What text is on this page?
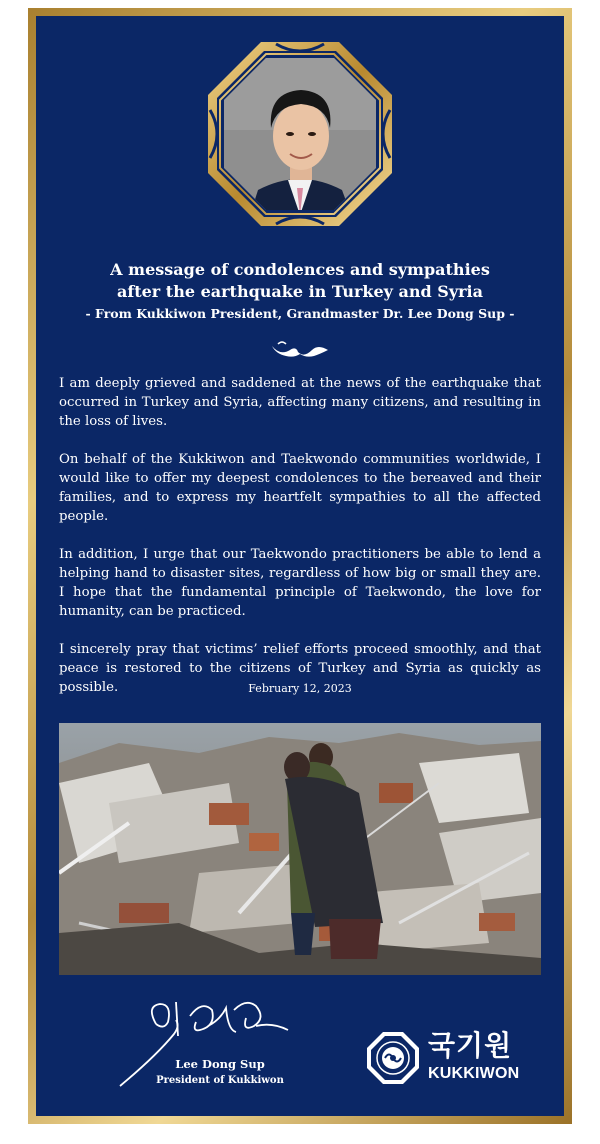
A message of condolences and sympathies
after the earthquake in Turkey and Syria
- From Kukkiwon President, Grandmaster Dr. Lee Dong Sup -

I am deeply grieved and saddened at the news of the earthquake that occurred in Turkey and Syria, affecting many citizens, and resulting in the loss of lives.

On behalf of the Kukkiwon and Taekwondo communities worldwide, I would like to offer my deepest condolences to the bereaved and their families, and to express my heartfelt sympathies to all the affected people.

In addition, I urge that our Taekwondo practitioners be able to lend a helping hand to disaster sites, regardless of how big or small they are. I hope that the fundamental principle of Taekwondo, the love for humanity, can be practiced.

I sincerely pray that victims’ relief efforts proceed smoothly, and that peace is restored to the citizens of Turkey and Syria as quickly as possible.	February 12, 2023
Lee Dong Sup
President of Kukkiwon
국기원
KUKKIWON
